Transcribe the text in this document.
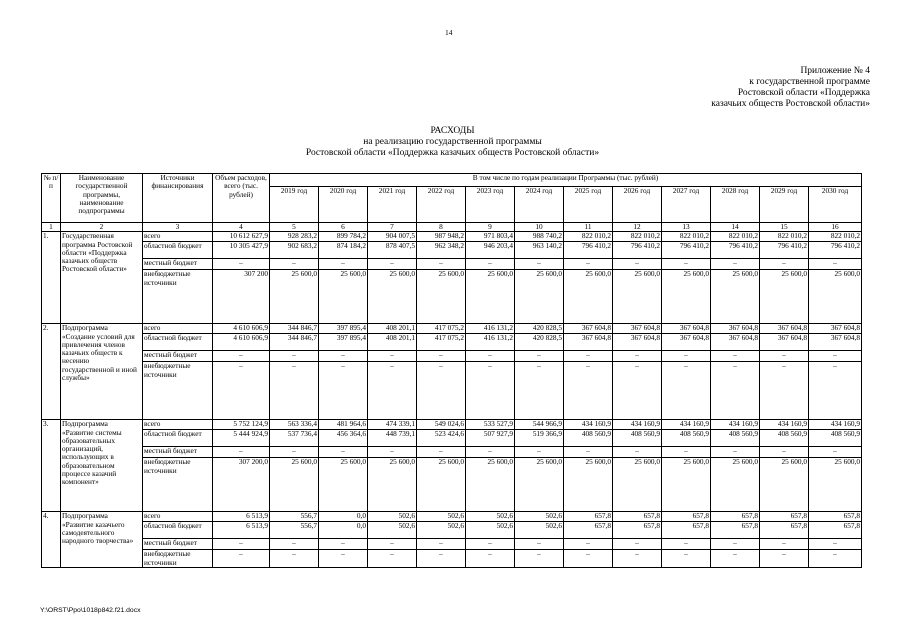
14
Приложение № 4
к государственной программе
Ростовской области «Поддержка
казачьих обществ Ростовской области»
РАСХОДЫ
на реализацию государственной программы
Ростовской области «Поддержка казачьих обществ Ростовской области»
№ п/п	Наименование государственной программы, наименование подпрограммы	Источники финансирования	Объем расходов, всего (тыс. рублей)	В том числе по годам реализации Программы (тыс. рублей)											
				2019 год	2020 год	2021 год	2022 год	2023 год	2024 год	2025 год	2026 год	2027 год	2028 год	2029 год	2030 год
1	2	3	4	5	6	7	8	9	10	11	12	13	14	15	16
1.	Государственная программа Ростовской области «Поддержка казачьих обществ Ростовской области»	всего	10 612 627,9	928 283,2	899 784,2	904 007,5	987 948,2	971 803,4	988 740,2	822 010,2	822 010,2	822 010,2	822 010,2	822 010,2	822 010,2
		областной бюджет	10 305 427,9	902 683,2	874 184,2	878 407,5	962 348,2	946 203,4	963 140,2	796 410,2	796 410,2	796 410,2	796 410,2	796 410,2	796 410,2
		местный бюджет	–	–	–	–	–	–	–	–	–	–	–	–	–
		внебюджетные источники	307 200	25 600,0	25 600,0	25 600,0	25 600,0	25 600,0	25 600,0	25 600,0	25 600,0	25 600,0	25 600,0	25 600,0	25 600,0
2.	Подпрограмма «Создание условий для привлечения членов казачьих обществ к несению государственной и иной службы»	всего	4 610 606,9	344 846,7	397 895,4	408 201,1	417 075,2	416 131,2	420 828,5	367 604,8	367 604,8	367 604,8	367 604,8	367 604,8	367 604,8
		областной бюджет	4 610 606,9	344 846,7	397 895,4	408 201,1	417 075,2	416 131,2	420 828,5	367 604,8	367 604,8	367 604,8	367 604,8	367 604,8	367 604,8
		местный бюджет	–	–	–	–	–	–	–	–	–	–	–	–	–
		внебюджетные источники	–	–	–	–	–	–	–	–	–	–	–	–	–
3.	Подпрограмма «Развитие системы образовательных организаций, использующих в образовательном процессе казачий компонент»	всего	5 752 124,9	563 336,4	481 964,6	474 339,1	549 024,6	533 527,9	544 966,9	434 160,9	434 160,9	434 160,9	434 160,9	434 160,9	434 160,9
		областной бюджет	5 444 924,9	537 736,4	456 364,6	448 739,1	523 424,6	507 927,9	519 366,9	408 560,9	408 560,9	408 560,9	408 560,9	408 560,9	408 560,9
		местный бюджет	–	–	–	–	–	–	–	–	–	–	–	–	–
		внебюджетные источники	307 200,0	25 600,0	25 600,0	25 600,0	25 600,0	25 600,0	25 600,0	25 600,0	25 600,0	25 600,0	25 600,0	25 600,0	25 600,0
4.	Подпрограмма «Развитие казачьего самодеятельного народного творчества»	всего	6 513,9	556,7	0,0	502,6	502,6	502,6	502,6	657,8	657,8	657,8	657,8	657,8	657,8
		областной бюджет	6 513,9	556,7	0,0	502,6	502,6	502,6	502,6	657,8	657,8	657,8	657,8	657,8	657,8
		местный бюджет	–	–	–	–	–	–	–	–	–	–	–	–	–
		внебюджетные источники	–	–	–	–	–	–	–	–	–	–	–	–	–
Y:\ORST\Ppo\1018p842.f21.docx
